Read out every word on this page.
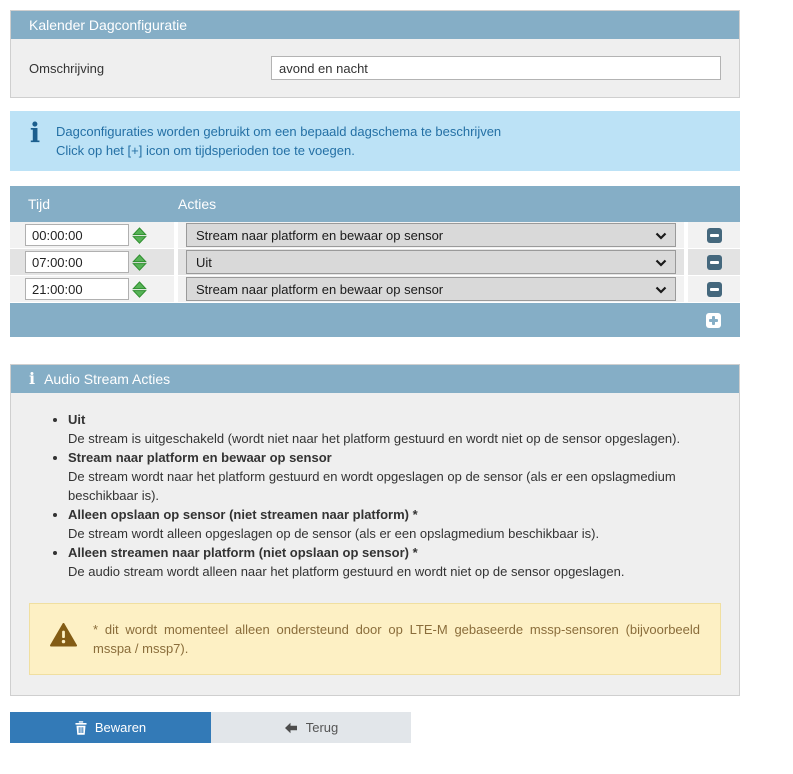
Kalender Dagconfiguratie
Omschrijving
avond en nacht
i Dagconfiguraties worden gebruikt om een bepaald dagschema te beschrijven
Click op het [+] icon om tijdsperioden toe te voegen.
Tijd	Acties
00:00:00
Stream naar platform en bewaar op sensor
07:00:00
Uit
21:00:00
Stream naar platform en bewaar op sensor
i Audio Stream Acties
• Uit
De stream is uitgeschakeld (wordt niet naar het platform gestuurd en wordt niet op de sensor opgeslagen).
• Stream naar platform en bewaar op sensor
De stream wordt naar het platform gestuurd en wordt opgeslagen op de sensor (als er een opslagmedium beschikbaar is).
• Alleen opslaan op sensor (niet streamen naar platform) *
De stream wordt alleen opgeslagen op de sensor (als er een opslagmedium beschikbaar is).
• Alleen streamen naar platform (niet opslaan op sensor) *
De audio stream wordt alleen naar het platform gestuurd en wordt niet op de sensor opgeslagen.
* dit wordt momenteel alleen ondersteund door op LTE-M gebaseerde mssp-sensoren (bijvoorbeeld msspa / mssp7).
Bewaren	Terug
